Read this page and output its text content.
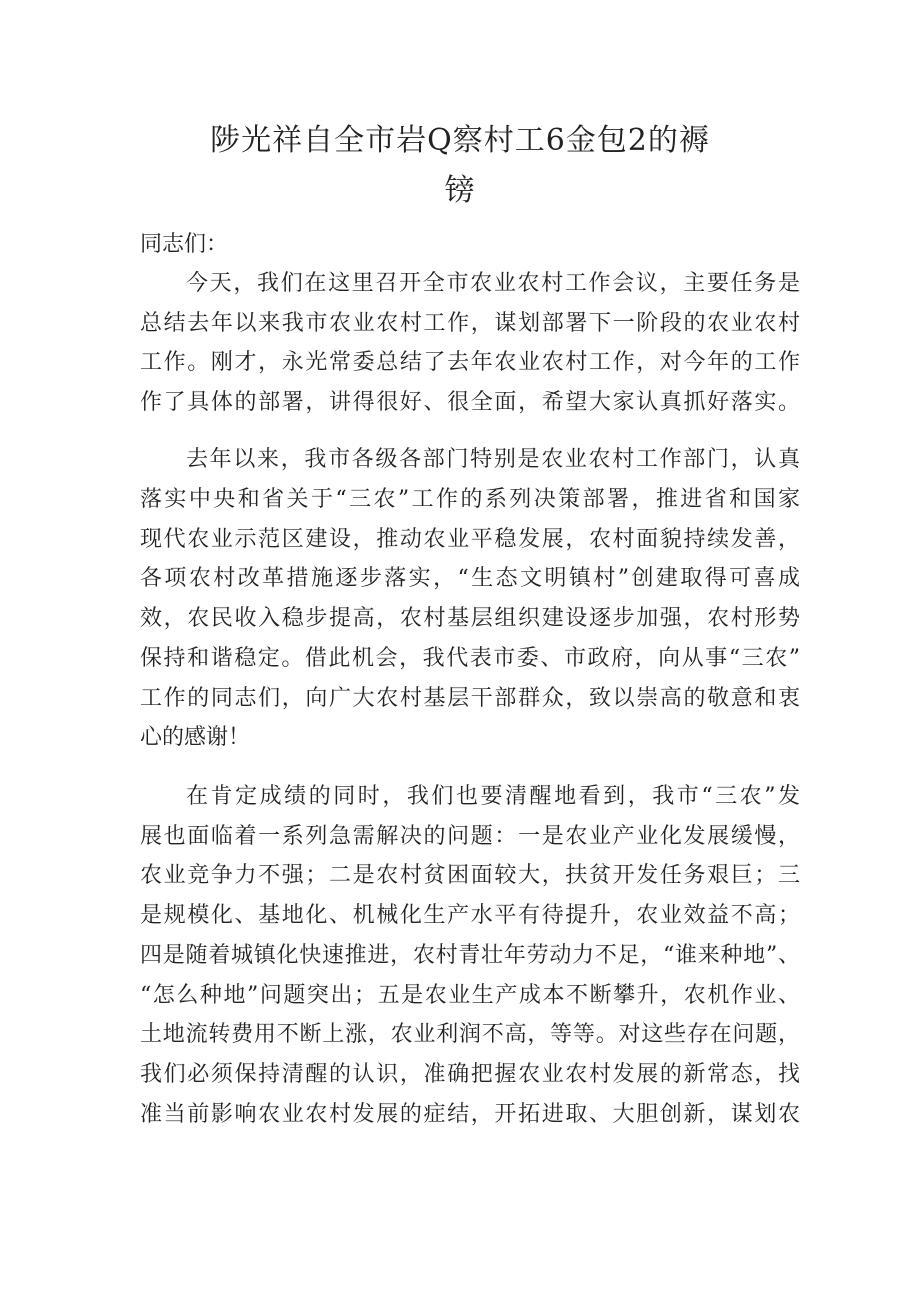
陟光祥自全市岩Q察村工6金包2的褥
镑
同志们：
今天，我们在这里召开全市农业农村工作会议，主要任务是
总结去年以来我市农业农村工作，谋划部署下一阶段的农业农村
工作。刚才，永光常委总结了去年农业农村工作，对今年的工作
作了具体的部署，讲得很好、很全面，希望大家认真抓好落实。
去年以来，我市各级各部门特别是农业农村工作部门，认真
落实中央和省关于“三农”工作的系列决策部署，推进省和国家
现代农业示范区建设，推动农业平稳发展，农村面貌持续发善，
各项农村改革措施逐步落实，“生态文明镇村”创建取得可喜成
效，农民收入稳步提高，农村基层组织建设逐步加强，农村形势
保持和谐稳定。借此机会，我代表市委、市政府，向从事“三农”
工作的同志们，向广大农村基层干部群众，致以崇高的敬意和衷
心的感谢！
在肯定成绩的同时，我们也要清醒地看到，我市“三农”发
展也面临着一系列急需解决的问题：一是农业产业化发展缓慢，
农业竞争力不强；二是农村贫困面较大，扶贫开发任务艰巨；三
是规模化、基地化、机械化生产水平有待提升，农业效益不高；
四是随着城镇化快速推进，农村青壮年劳动力不足，“谁来种地”、
“怎么种地”问题突出；五是农业生产成本不断攀升，农机作业、
土地流转费用不断上涨，农业利润不高，等等。对这些存在问题，
我们必须保持清醒的认识，准确把握农业农村发展的新常态，找
准当前影响农业农村发展的症结，开拓进取、大胆创新，谋划农
